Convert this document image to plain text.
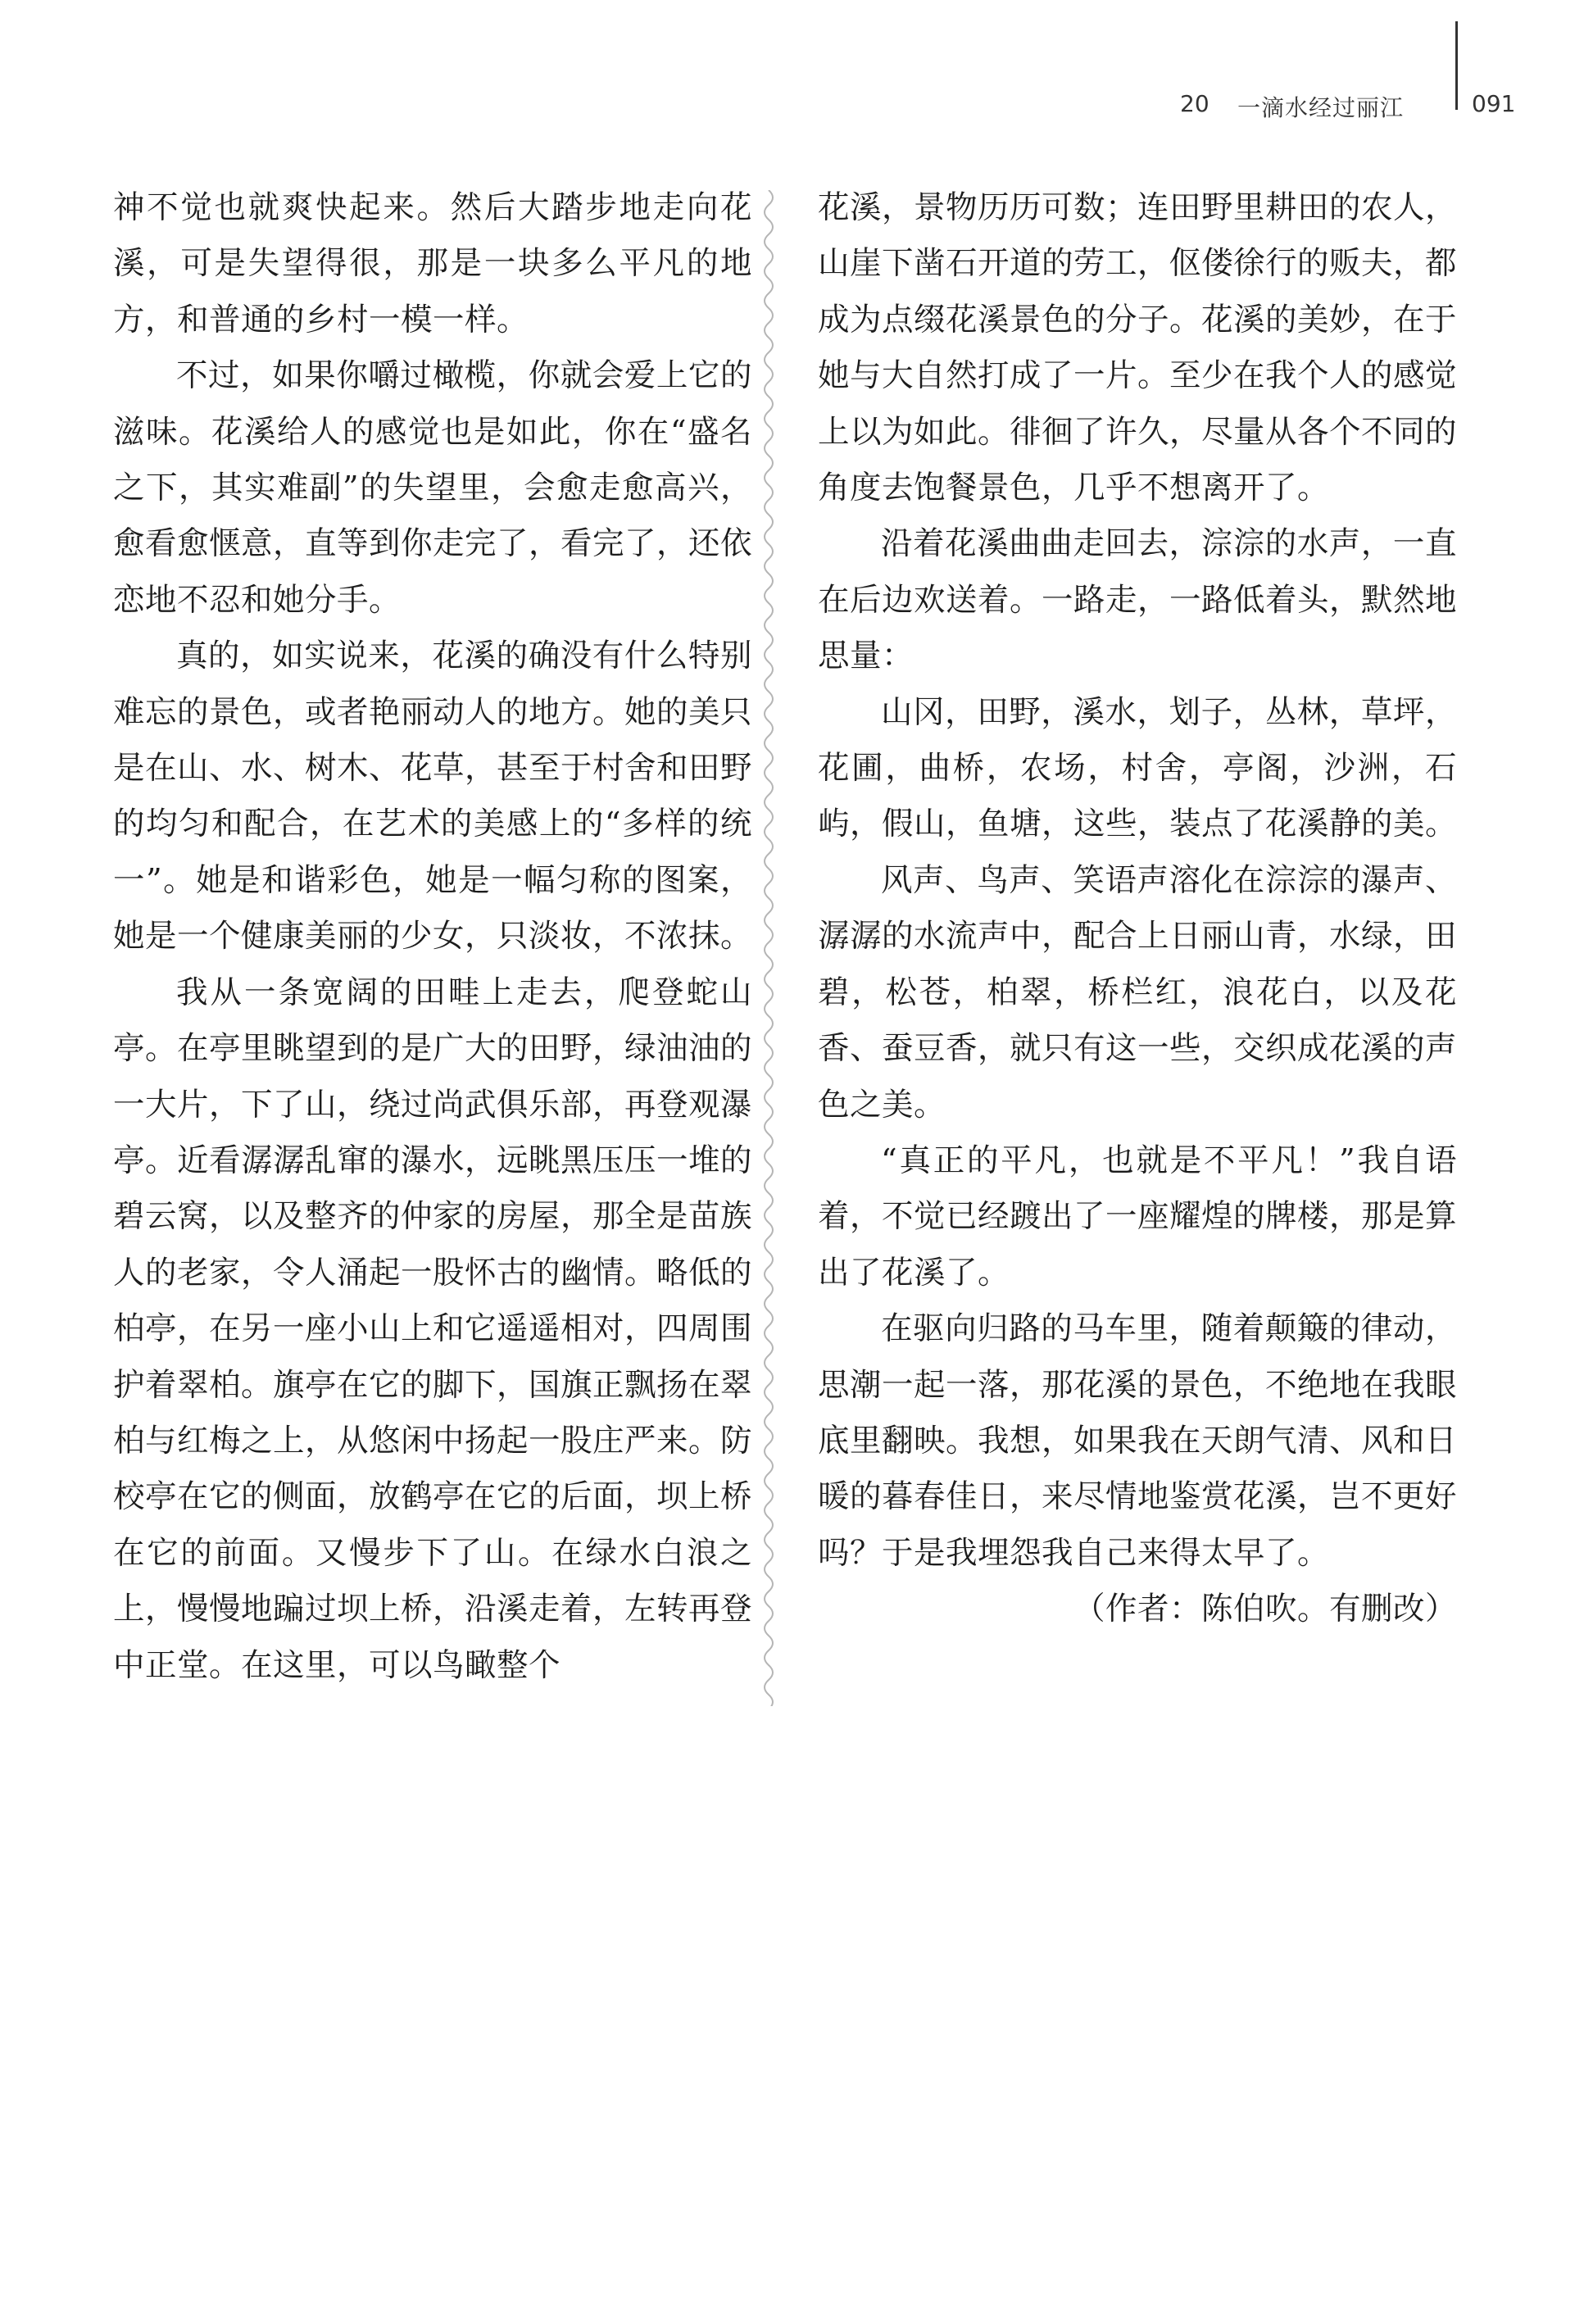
20 一滴水经过丽江	091

神不觉也就爽快起来。然后大踏步地走向花溪，可是失望得很，那是一块多么平凡的地方，和普通的乡村一模一样。

不过，如果你嚼过橄榄，你就会爱上它的滋味。花溪给人的感觉也是如此，你在“盛名之下，其实难副”的失望里，会愈走愈高兴，愈看愈惬意，直等到你走完了，看完了，还依恋地不忍和她分手。

真的，如实说来，花溪的确没有什么特别难忘的景色，或者艳丽动人的地方。她的美只是在山、水、树木、花草，甚至于村舍和田野的均匀和配合，在艺术的美感上的“多样的统一”。她是和谐彩色，她是一幅匀称的图案，她是一个健康美丽的少女，只淡妆，不浓抹。

我从一条宽阔的田畦上走去，爬登蛇山亭。在亭里眺望到的是广大的田野，绿油油的一大片，下了山，绕过尚武俱乐部，再登观瀑亭。近看潺潺乱窜的瀑水，远眺黑压压一堆的碧云窝，以及整齐的仲家的房屋，那全是苗族人的老家，令人涌起一股怀古的幽情。略低的柏亭，在另一座小山上和它遥遥相对，四周围护着翠柏。旗亭在它的脚下，国旗正飘扬在翠柏与红梅之上，从悠闲中扬起一股庄严来。防校亭在它的侧面，放鹤亭在它的后面，坝上桥在它的前面。又慢步下了山。在绿水白浪之上，慢慢地蹁过坝上桥，沿溪走着，左转再登中正堂。在这里，可以鸟瞰整个

花溪，景物历历可数；连田野里耕田的农人，山崖下凿石开道的劳工，伛偻徐行的贩夫，都成为点缀花溪景色的分子。花溪的美妙，在于她与大自然打成了一片。至少在我个人的感觉上以为如此。徘徊了许久，尽量从各个不同的角度去饱餐景色，几乎不想离开了。

沿着花溪曲曲走回去，淙淙的水声，一直在后边欢送着。一路走，一路低着头，默然地思量：

山冈，田野，溪水，划子，丛林，草坪，花圃，曲桥，农场，村舍，亭阁，沙洲，石屿，假山，鱼塘，这些，装点了花溪静的美。

风声、鸟声、笑语声溶化在淙淙的瀑声、潺潺的水流声中，配合上日丽山青，水绿，田碧，松苍，柏翠，桥栏红，浪花白，以及花香、蚕豆香，就只有这一些，交织成花溪的声色之美。

“真正的平凡，也就是不平凡！”我自语着，不觉已经踱出了一座耀煌的牌楼，那是算出了花溪了。

在驱向归路的马车里，随着颠簸的律动，思潮一起一落，那花溪的景色，不绝地在我眼底里翻映。我想，如果我在天朗气清、风和日暖的暮春佳日，来尽情地鉴赏花溪，岂不更好吗？于是我埋怨我自己来得太早了。

（作者：陈伯吹。有删改）
